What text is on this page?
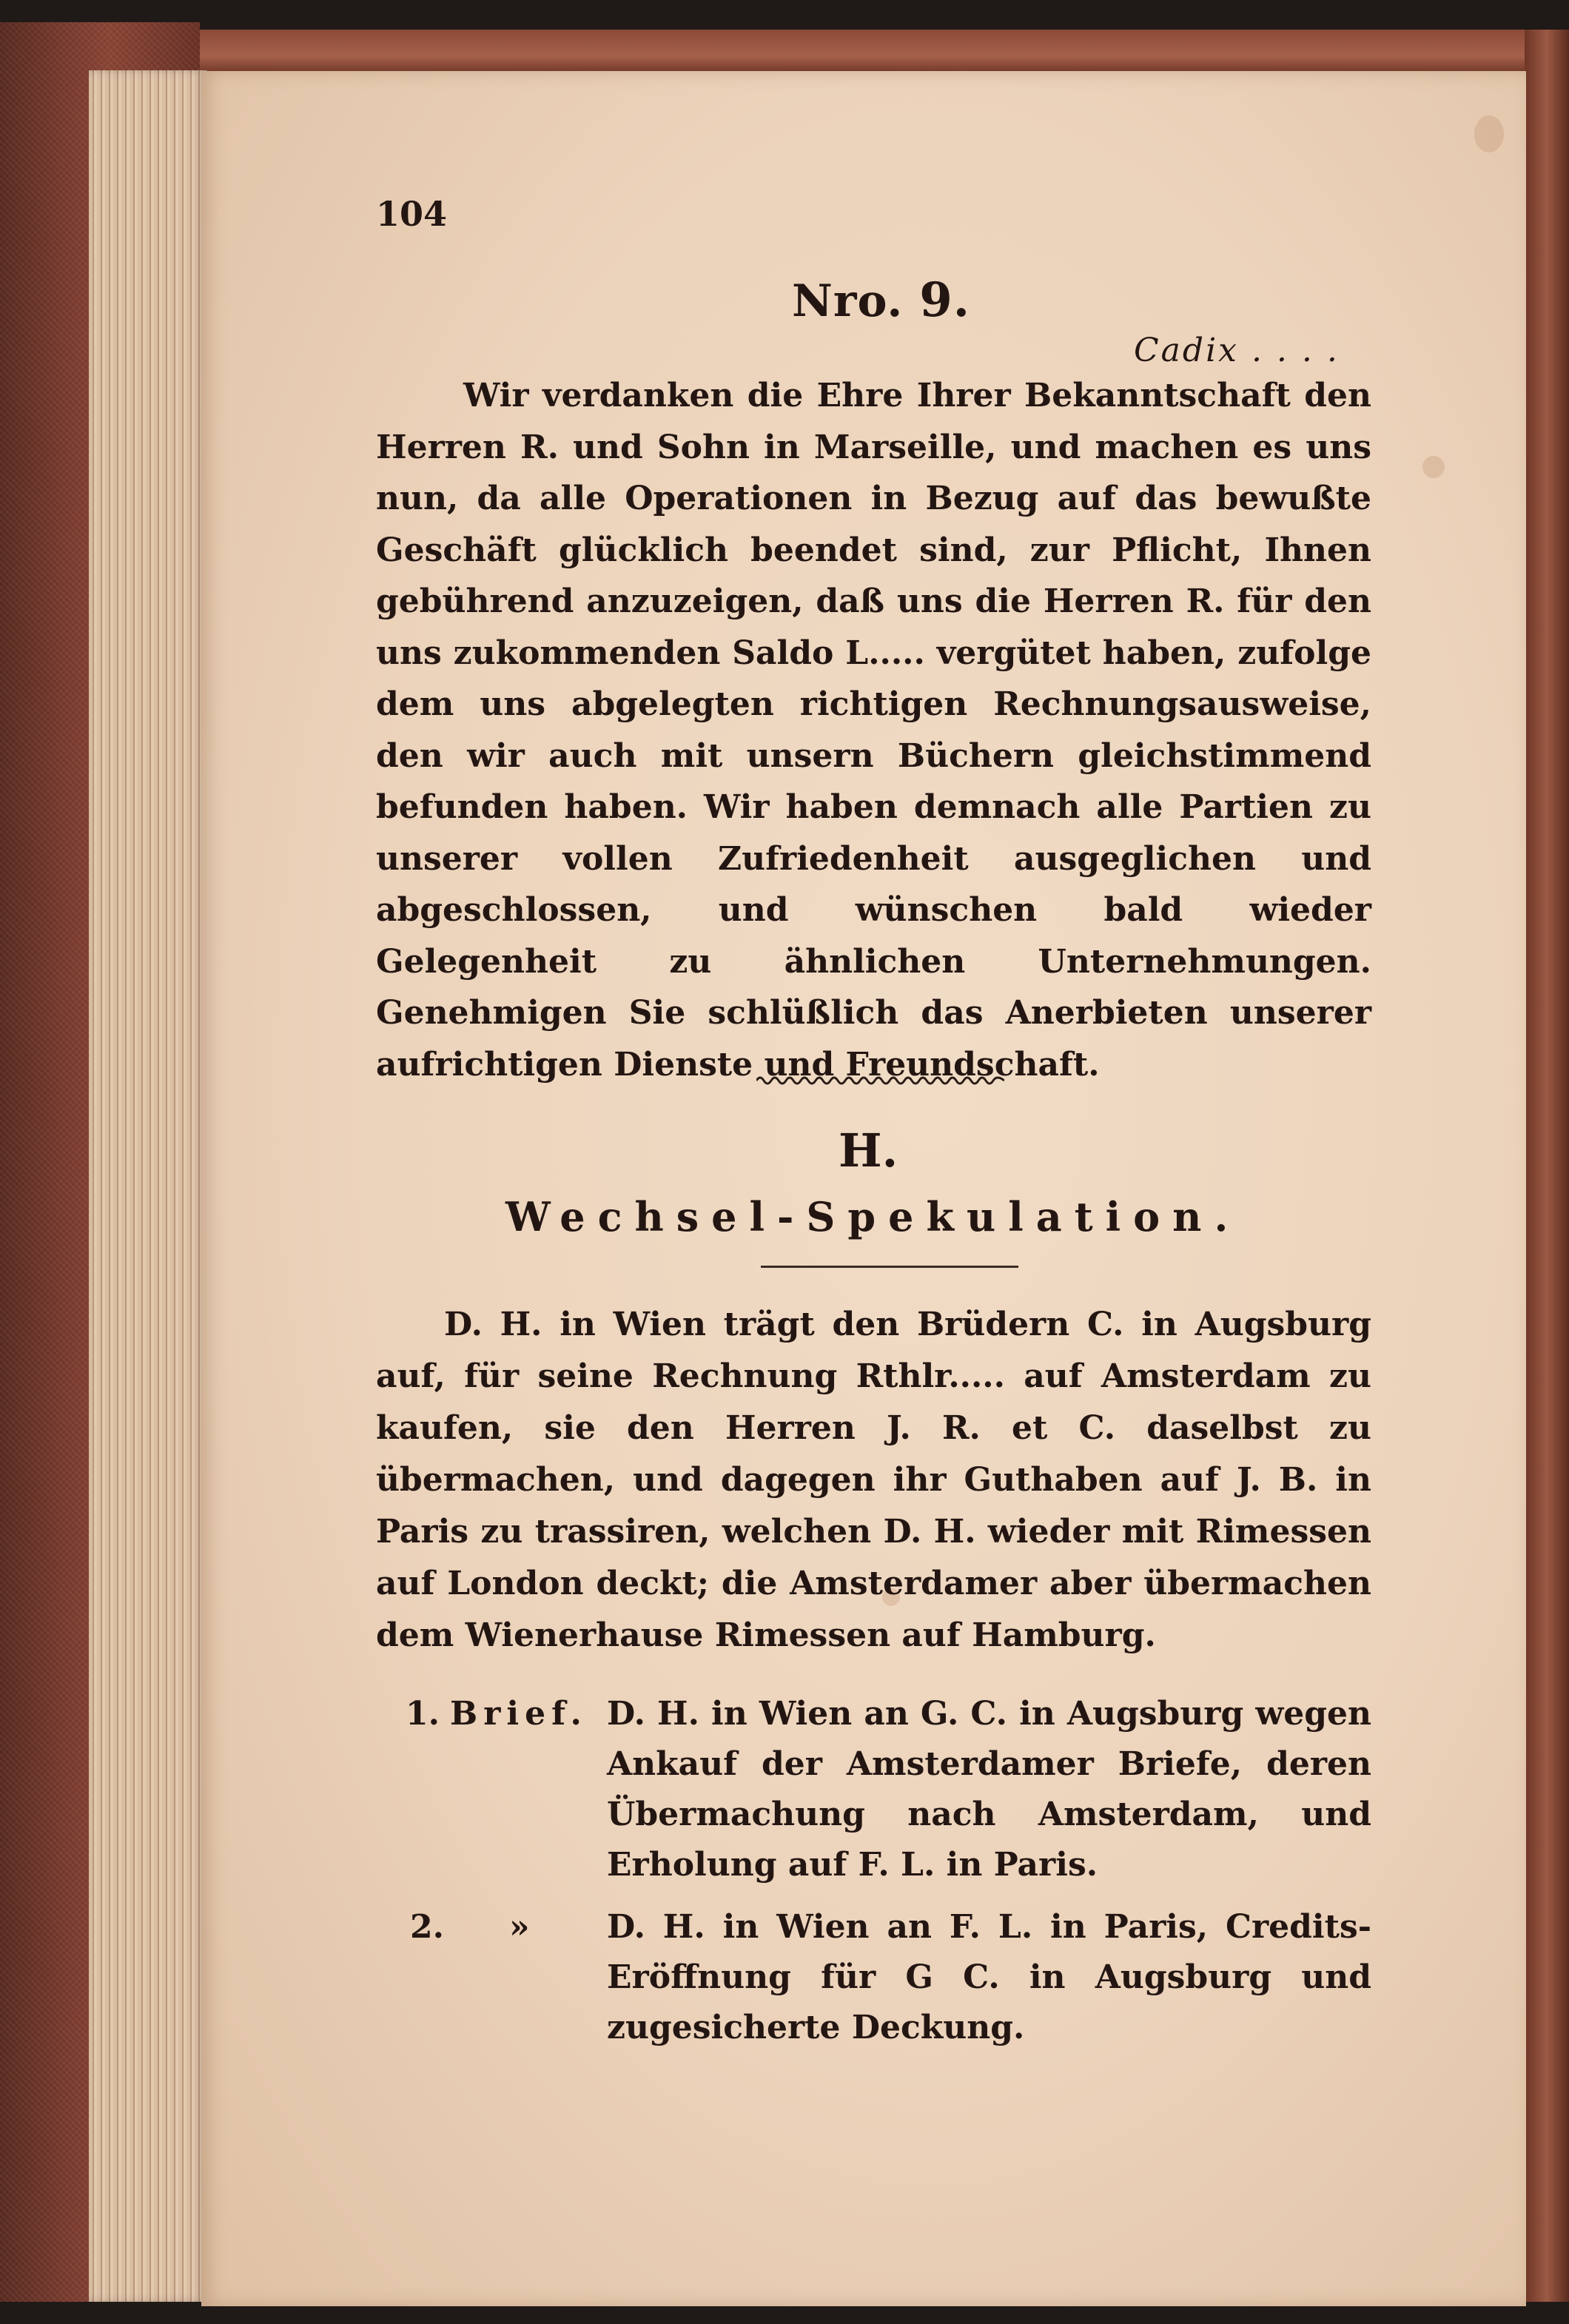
104
Nro. 9.
Cadix . . . .

Wir verdanken die Ehre Ihrer Bekanntschaft den Herren R. und Sohn in Marseille, und machen es uns nun, da alle Operationen in Bezug auf das bewußte Geschäft glücklich beendet sind, zur Pflicht, Ihnen gebührend anzuzeigen, daß uns die Herren R. für den uns zukommenden Saldo L..... vergütet haben, zufolge dem uns abgelegten richtigen Rechnungsausweise, den wir auch mit unsern Büchern gleichstimmend befunden haben. Wir haben demnach alle Partien zu unserer vollen Zufriedenheit ausgeglichen und abgeschlossen, und wünschen bald wieder Gelegenheit zu ähnlichen Unternehmungen. Genehmigen Sie schlüßlich das Anerbieten unserer aufrichtigen Dienste und Freundschaft.

H.
Wechsel-Spekulation.

D. H. in Wien trägt den Brüdern C. in Augsburg auf, für seine Rechnung Rthlr..... auf Amsterdam zu kaufen, sie den Herren J. R. et C. daselbst zu übermachen, und dagegen ihr Guthaben auf J. B. in Paris zu trassiren, welchen D. H. wieder mit Rimessen auf London deckt; die Amsterdamer aber übermachen dem Wienerhause Rimessen auf Hamburg.

1. Brief. D. H. in Wien an G. C. in Augsburg wegen Ankauf der Amsterdamer Briefe, deren Übermachung nach Amsterdam, und Erholung auf F. L. in Paris.
2. » D. H. in Wien an F. L. in Paris, Credits-Eröffnung für G C. in Augsburg und zugesicherte Deckung.
